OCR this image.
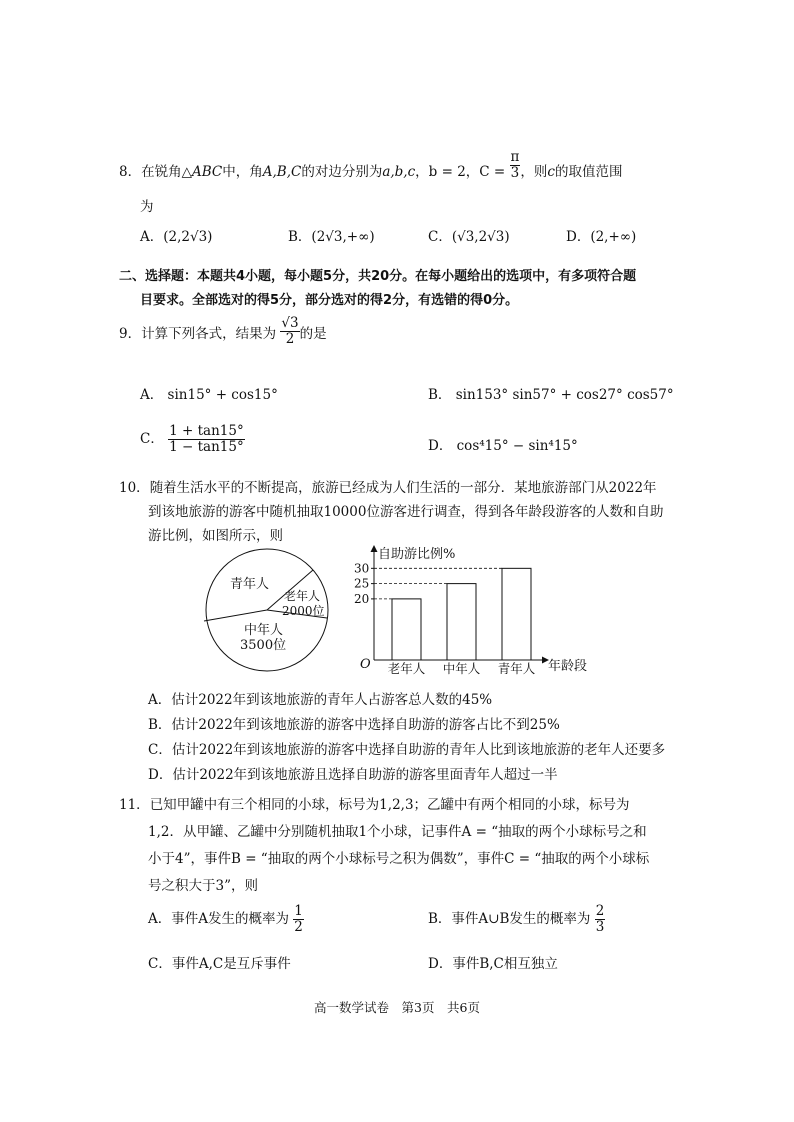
8．在锐角△ABC中，角A,B,C的对边分别为a,b,c，b = 2，$C = \frac{\pi}{3}$ ，则c的取值范围
为
A．(2,2√3)	B．(2√3,+∞)	C．(√3,2√3)	D．(2,+∞)
二、选择题：本题共4小题，每小题5分，共20分。在每小题给出的选项中，有多项符合题
目要求。全部选对的得5分，部分选对的得2分，有选错的得0分。
9．计算下列各式，结果为 $\frac{√3}{2}$ 的是
A． sin15° + cos15°	B． sin153° sin57° + cos27° cos57°
C． $\frac{1 + \tan 15^\circ}{1 - \tan 15^\circ}$	D． cos⁴15° − sin⁴15°
10．随着生活水平的不断提高，旅游已经成为人们生活的一部分．某地旅游部门从2022年
到该地旅游的游客中随机抽取10000位游客进行调查，得到各年龄段游客的人数和自助
游比例，如图所示，则
青年人
老年人
2000位
中年人
3500位
自助游比例%
年龄段
O
20
25
30
老年人 中年人 青年人
A．估计2022年到该地旅游的青年人占游客总人数的45%
B．估计2022年到该地旅游的游客中选择自助游的游客占比不到25%
C．估计2022年到该地旅游的游客中选择自助游的青年人比到该地旅游的老年人还要多
D．估计2022年到该地旅游且选择自助游的游客里面青年人超过一半
11．已知甲罐中有三个相同的小球，标号为1,2,3；乙罐中有两个相同的小球，标号为
1,2．从甲罐、乙罐中分别随机抽取1个小球，记事件A = “抽取的两个小球标号之和
小于4”，事件B = “抽取的两个小球标号之积为偶数”，事件C = “抽取的两个小球标
号之积大于3”，则
A．事件A发生的概率为 $\frac{1}{2}$	B．事件A∪B发生的概率为 $\frac{2}{3}$
C．事件A,C是互斥事件	D．事件B,C相互独立
高一数学试卷　第3页　共6页
